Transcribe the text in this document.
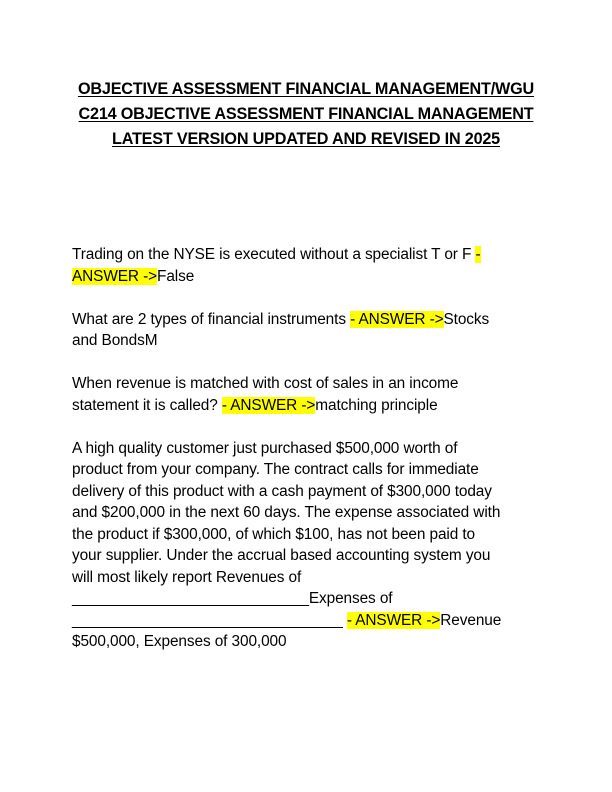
OBJECTIVE ASSESSMENT FINANCIAL MANAGEMENT/WGU
C214 OBJECTIVE ASSESSMENT FINANCIAL MANAGEMENT
LATEST VERSION UPDATED AND REVISED IN 2025

Trading on the NYSE is executed without a specialist T or F -
ANSWER ->False

What are 2 types of financial instruments - ANSWER ->Stocks
and BondsM

When revenue is matched with cost of sales in an income
statement it is called? - ANSWER ->matching principle

A high quality customer just purchased $500,000 worth of
product from your company. The contract calls for immediate
delivery of this product with a cash payment of $300,000 today
and $200,000 in the next 60 days. The expense associated with
the product if $300,000, of which $100, has not been paid to
your supplier. Under the accrual based accounting system you
will most likely report Revenues of
____________________________Expenses of
________________________________ - ANSWER ->Revenue
$500,000, Expenses of 300,000
